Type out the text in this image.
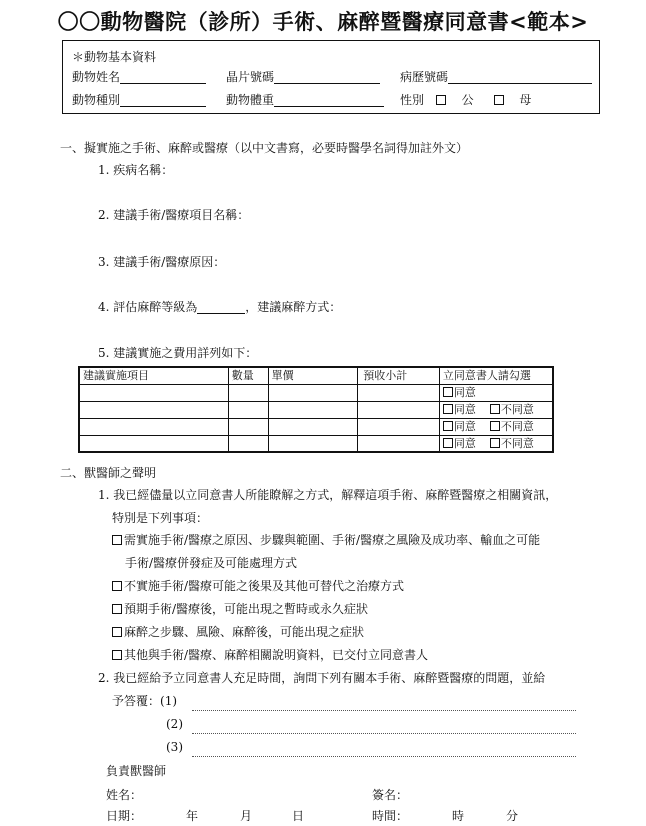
〇〇動物醫院（診所）手術、麻醉暨醫療同意書<範本>
＊動物基本資料
動物姓名	晶片號碼	病歷號碼
動物種別	動物體重	性別	公	母
一、擬實施之手術、麻醉或醫療（以中文書寫，必要時醫學名詞得加註外文）
1. 疾病名稱：
2. 建議手術/醫療項目名稱：
3. 建議手術/醫療原因：
4. 評估麻醉等級為	，建議麻醉方式：
5. 建議實施之費用詳列如下：
建議實施項目	數量	單價	預收小計	立同意書人請勾選
				同意
				同意 不同意
				同意 不同意
				同意 不同意
二、獸醫師之聲明
1. 我已經儘量以立同意書人所能瞭解之方式，解釋這項手術、麻醉暨醫療之相關資訊，
特別是下列事項：
需實施手術/醫療之原因、步驟與範圍、手術/醫療之風險及成功率、輸血之可能
手術/醫療併發症及可能處理方式
不實施手術/醫療可能之後果及其他可替代之治療方式
預期手術/醫療後，可能出現之暫時或永久症狀
麻醉之步驟、風險、麻醉後，可能出現之症狀
其他與手術/醫療、麻醉相關說明資料，已交付立同意書人
2. 我已經給予立同意書人充足時間，詢問下列有關本手術、麻醉暨醫療的問題，並給
予答覆：(1)
(2)
(3)
負責獸醫師
姓名：	簽名：
日期：	年	月	日	時間：	時	分
